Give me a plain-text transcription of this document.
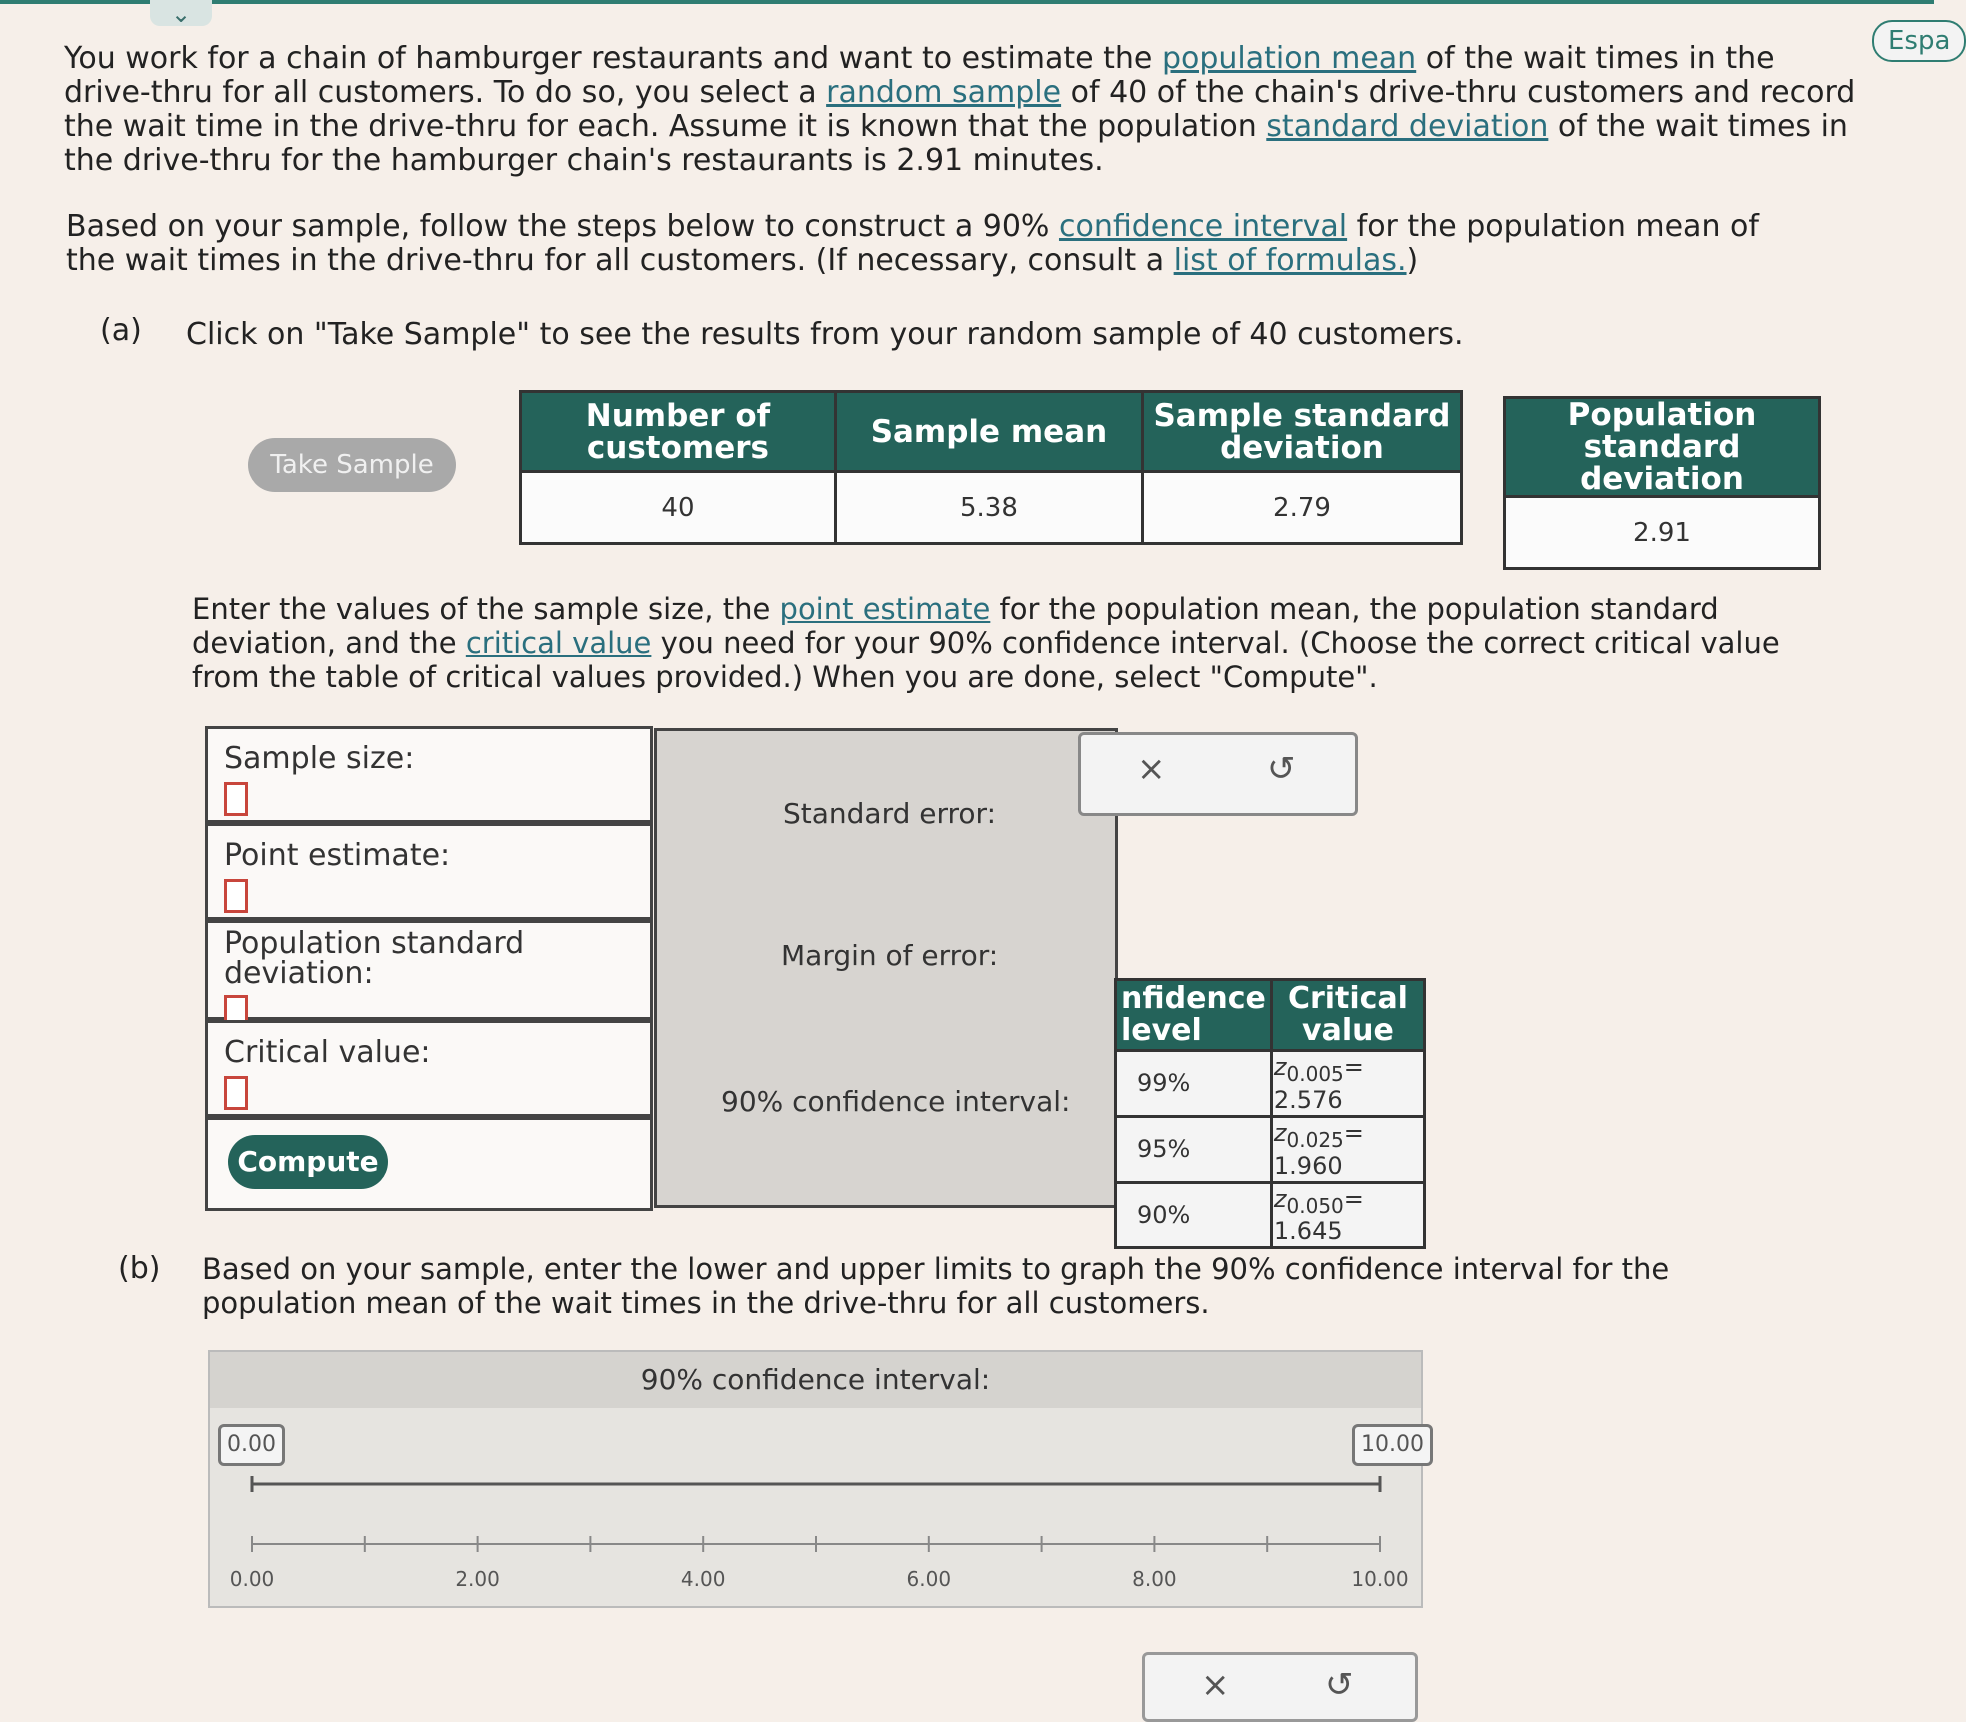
⌄
Espa
You work for a chain of hamburger restaurants and want to estimate the population mean of the wait times in the drive-thru for all customers. To do so, you select a random sample of 40 of the chain's drive-thru customers and record the wait time in the drive-thru for each. Assume it is known that the population standard deviation of the wait times in the drive-thru for the hamburger chain's restaurants is 2.91 minutes.
Based on your sample, follow the steps below to construct a 90% confidence interval for the population mean of the wait times in the drive-thru for all customers. (If necessary, consult a list of formulas.)
(a) Click on "Take Sample" to see the results from your random sample of 40 customers.
Take Sample
Number of customers	Sample mean	Sample standard deviation
40	5.38	2.79
Population standard deviation
2.91
Enter the values of the sample size, the point estimate for the population mean, the population standard deviation, and the critical value you need for your 90% confidence interval. (Choose the correct critical value from the table of critical values provided.) When you are done, select "Compute".
Sample size:
Point estimate:
Population standard deviation:
Critical value:
Compute
Standard error:
Margin of error:
90% confidence interval:
×	↺
nfidence level	Critical value
99%	$z_{0.005}= 2.576$
95%	$z_{0.025}= 1.960$
90%	$z_{0.050}= 1.645$
(b) Based on your sample, enter the lower and upper limits to graph the 90% confidence interval for the population mean of the wait times in the drive-thru for all customers.
90% confidence interval:
0.00	10.00
0.00	2.00	4.00	6.00	8.00	10.00
×	↺
